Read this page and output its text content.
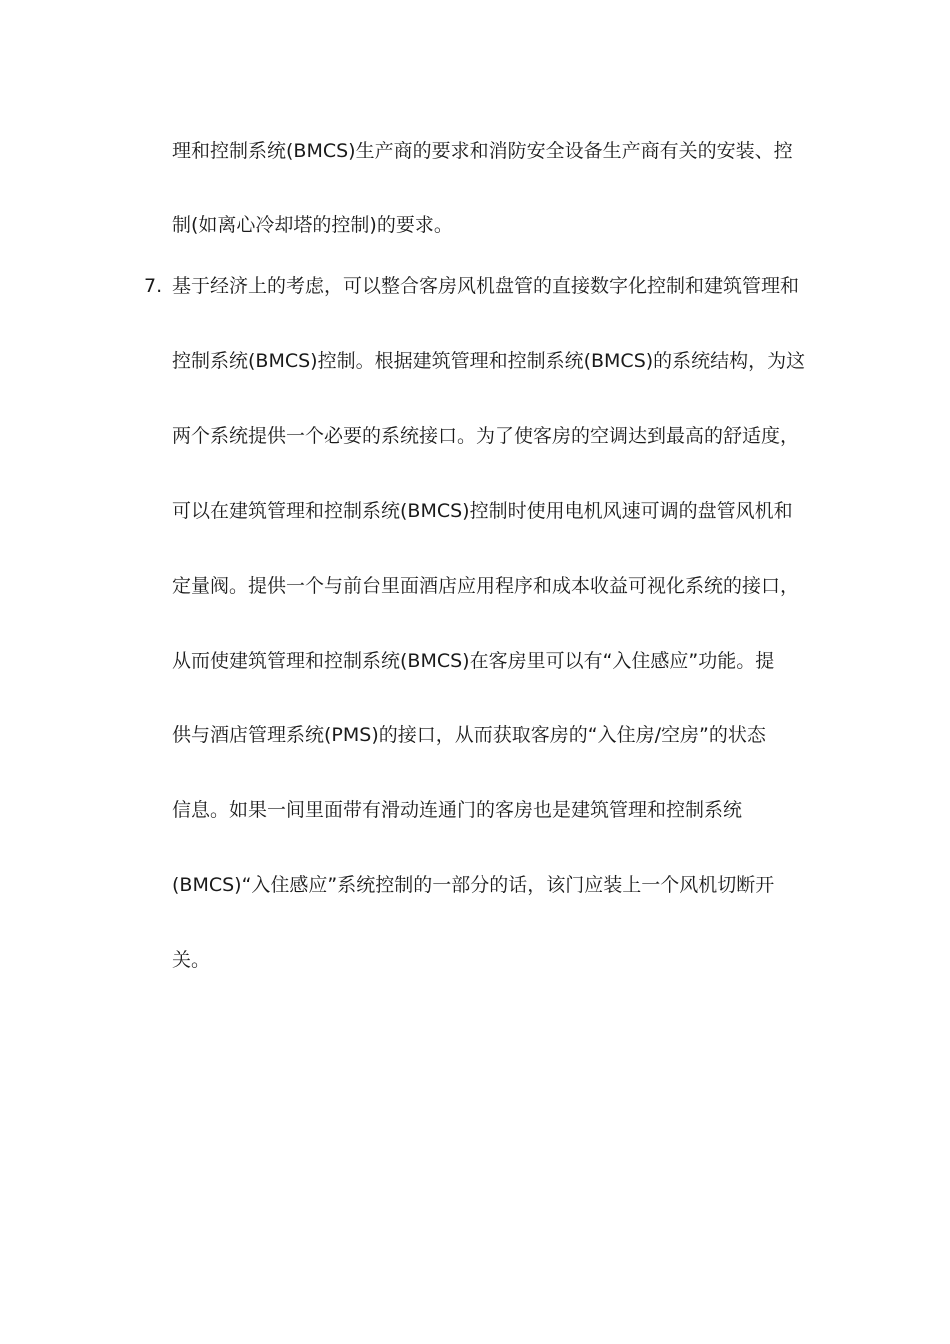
理和控制系统(BMCS)生产商的要求和消防安全设备生产商有关的安装、控
制(如离心冷却塔的控制)的要求。
7. 基于经济上的考虑，可以整合客房风机盘管的直接数字化控制和建筑管理和
控制系统(BMCS)控制。根据建筑管理和控制系统(BMCS)的系统结构，为这
两个系统提供一个必要的系统接口。为了使客房的空调达到最高的舒适度，
可以在建筑管理和控制系统(BMCS)控制时使用电机风速可调的盘管风机和
定量阀。提供一个与前台里面酒店应用程序和成本收益可视化系统的接口，
从而使建筑管理和控制系统(BMCS)在客房里可以有“入住感应”功能。提
供与酒店管理系统(PMS)的接口，从而获取客房的“入住房/空房”的状态
信息。如果一间里面带有滑动连通门的客房也是建筑管理和控制系统
(BMCS)“入住感应”系统控制的一部分的话，该门应装上一个风机切断开
关。
